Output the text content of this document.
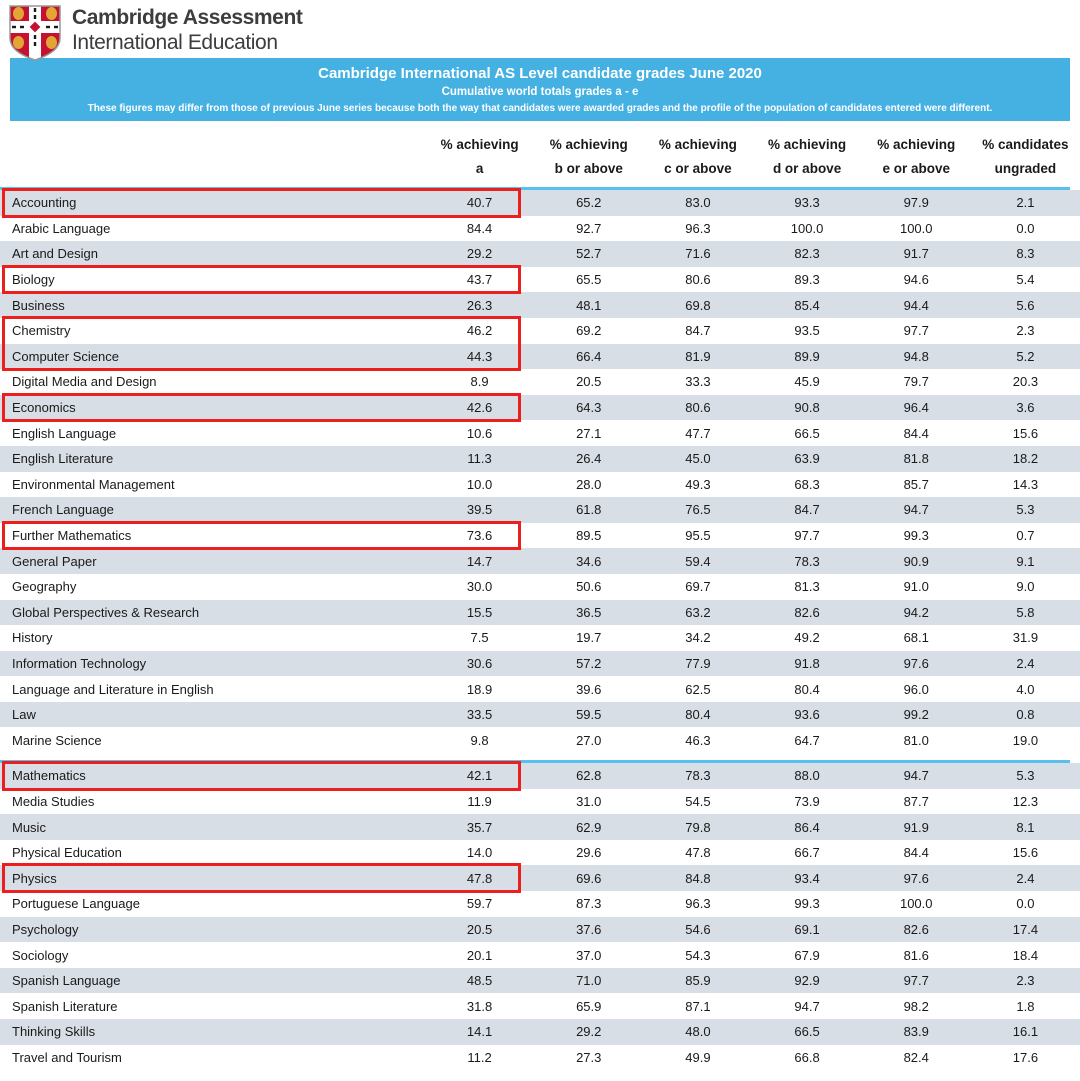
Cambridge Assessment
International Education
Cambridge International AS Level candidate grades June 2020
Cumulative world totals grades a - e
These figures may differ from those of previous June series because both the way that candidates were awarded grades and the profile of the population of candidates entered were different.
% achieving
a
% achieving
b or above
% achieving
c or above
% achieving
d or above
% achieving
e or above
% candidates
ungraded
Accounting	40.7	65.2	83.0	93.3	97.9	2.1
Arabic Language	84.4	92.7	96.3	100.0	100.0	0.0
Art and Design	29.2	52.7	71.6	82.3	91.7	8.3
Biology	43.7	65.5	80.6	89.3	94.6	5.4
Business	26.3	48.1	69.8	85.4	94.4	5.6
Chemistry	46.2	69.2	84.7	93.5	97.7	2.3
Computer Science	44.3	66.4	81.9	89.9	94.8	5.2
Digital Media and Design	8.9	20.5	33.3	45.9	79.7	20.3
Economics	42.6	64.3	80.6	90.8	96.4	3.6
English Language	10.6	27.1	47.7	66.5	84.4	15.6
English Literature	11.3	26.4	45.0	63.9	81.8	18.2
Environmental Management	10.0	28.0	49.3	68.3	85.7	14.3
French Language	39.5	61.8	76.5	84.7	94.7	5.3
Further Mathematics	73.6	89.5	95.5	97.7	99.3	0.7
General Paper	14.7	34.6	59.4	78.3	90.9	9.1
Geography	30.0	50.6	69.7	81.3	91.0	9.0
Global Perspectives & Research	15.5	36.5	63.2	82.6	94.2	5.8
History	7.5	19.7	34.2	49.2	68.1	31.9
Information Technology	30.6	57.2	77.9	91.8	97.6	2.4
Language and Literature in English	18.9	39.6	62.5	80.4	96.0	4.0
Law	33.5	59.5	80.4	93.6	99.2	0.8
Marine Science	9.8	27.0	46.3	64.7	81.0	19.0
Mathematics	42.1	62.8	78.3	88.0	94.7	5.3
Media Studies	11.9	31.0	54.5	73.9	87.7	12.3
Music	35.7	62.9	79.8	86.4	91.9	8.1
Physical Education	14.0	29.6	47.8	66.7	84.4	15.6
Physics	47.8	69.6	84.8	93.4	97.6	2.4
Portuguese Language	59.7	87.3	96.3	99.3	100.0	0.0
Psychology	20.5	37.6	54.6	69.1	82.6	17.4
Sociology	20.1	37.0	54.3	67.9	81.6	18.4
Spanish Language	48.5	71.0	85.9	92.9	97.7	2.3
Spanish Literature	31.8	65.9	87.1	94.7	98.2	1.8
Thinking Skills	14.1	29.2	48.0	66.5	83.9	16.1
Travel and Tourism	11.2	27.3	49.9	66.8	82.4	17.6
